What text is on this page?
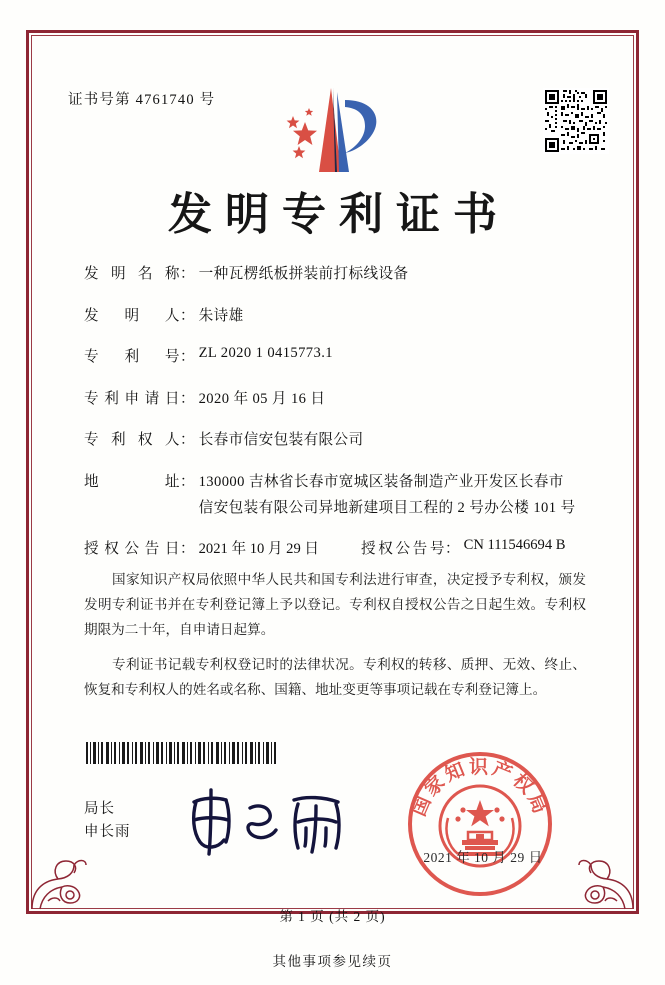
证书号第 4761740 号
发明专利证书
发明名称 ： 一种瓦楞纸板拼装前打标线设备
发明人 ： 朱诗雄
专利号 ： ZL 2020 1 0415773.1
专利申请日 ： 2020 年 05 月 16 日
专利权人 ： 长春市信安包装有限公司
地址 ： 130000 吉林省长春市宽城区装备制造产业开发区长春市
信安包装有限公司异地新建项目工程的 2 号办公楼 101 号
授权公告日 ： 2021 年 10 月 29 日	授权公告号 ： CN 111546694 B

国家知识产权局依照中华人民共和国专利法进行审查，决定授予专利权，颁发发明专利证书并在专利登记簿上予以登记。专利权自授权公告之日起生效。专利权期限为二十年，自申请日起算。

专利证书记载专利权登记时的法律状况。专利权的转移、质押、无效、终止、恢复和专利权人的姓名或名称、国籍、地址变更等事项记载在专利登记簿上。

局长
申长雨
国家知识产权局
2021 年 10 月 29 日
第 1 页 (共 2 页)
其他事项参见续页
